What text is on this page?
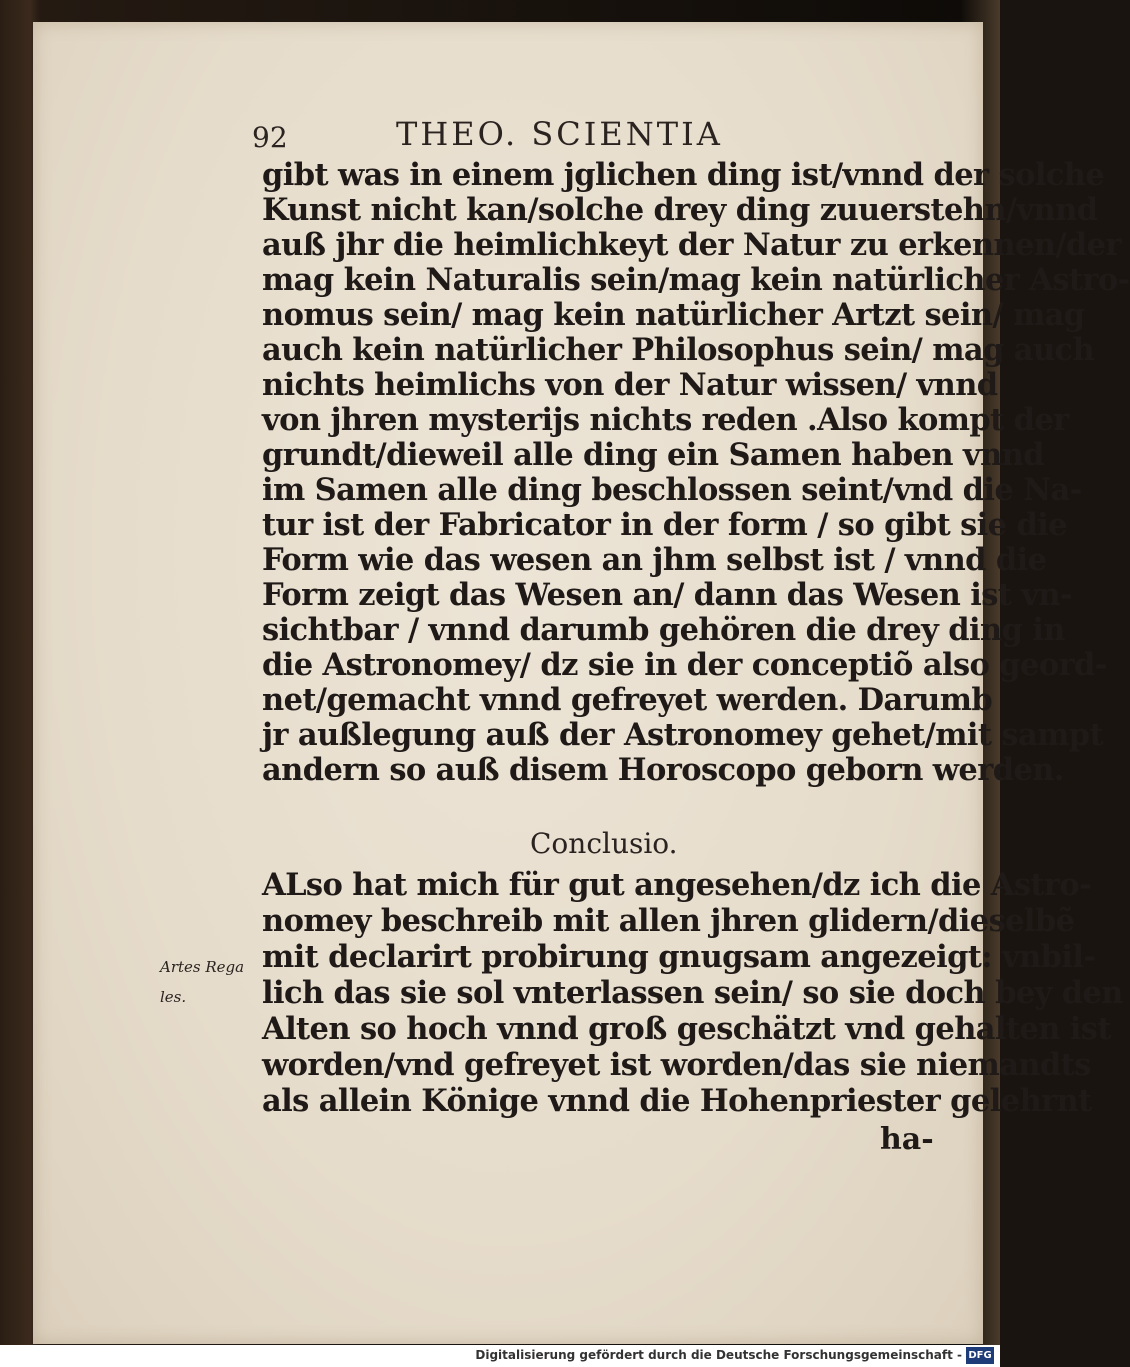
92	THEO. SCIENTIA
gibt was in einem jglichen ding ist/vnnd der solche
Kunst nicht kan/solche drey ding zuuerstehn/vnnd
auß jhr die heimlichkeyt der Natur zu erkennen/der
mag kein Naturalis sein/mag kein natürlicher Astro-
nomus sein/ mag kein natürlicher Artzt sein/ mag
auch kein natürlicher Philosophus sein/ mag auch
nichts heimlichs von der Natur wissen/ vnnd
von jhren mysterijs nichts reden .Also kompt der
grundt/dieweil alle ding ein Samen haben vnnd
im Samen alle ding beschlossen seint/vnd die Na-
tur ist der Fabricator in der form / so gibt sie die
Form wie das wesen an jhm selbst ist / vnnd die
Form zeigt das Wesen an/ dann das Wesen ist vn-
sichtbar / vnnd darumb gehören die drey ding in
die Astronomey/ dz sie in der conceptiõ also geord-
net/gemacht vnnd gefreyet werden. Darumb
jr außlegung auß der Astronomey gehet/mit sampt
andern so auß disem Horoscopo geborn werden.
Conclusio.
ALso hat mich für gut angesehen/dz ich die Astro-
nomey beschreib mit allen jhren glidern/dieselbẽ
mit declarirt probirung gnugsam angezeigt: vnbil-
lich das sie sol vnterlassen sein/ so sie doch bey den
Alten so hoch vnnd groß geschätzt vnd gehalten ist
worden/vnd gefreyet ist worden/das sie niemandts
als allein Könige vnnd die Hohenpriester gelehrnt
Artes Rega
les.
ha-
Digitalisierung gefördert durch die Deutsche Forschungsgemeinschaft - DFG
